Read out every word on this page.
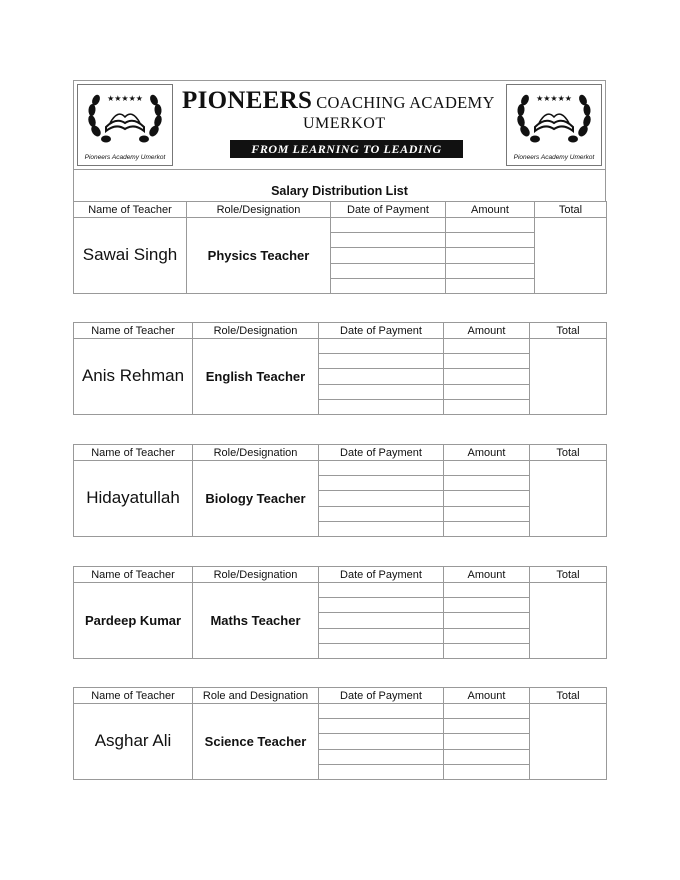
★★★★★
Pioneers Academy Umerkot
PIONEERS COACHING ACADEMY
UMERKOT
FROM LEARNING TO LEADING
★★★★★
Pioneers Academy Umerkot
Salary Distribution List
Name of Teacher	Role/Designation	Date of Payment	Amount	Total
Sawai Singh	Physics Teacher			

Name of Teacher	Role/Designation	Date of Payment	Amount	Total
Anis Rehman	English Teacher			

Name of Teacher	Role/Designation	Date of Payment	Amount	Total
Hidayatullah	Biology Teacher			

Name of Teacher	Role/Designation	Date of Payment	Amount	Total
Pardeep Kumar	Maths Teacher			

Name of Teacher	Role and Designation	Date of Payment	Amount	Total
Asghar Ali	Science Teacher			
